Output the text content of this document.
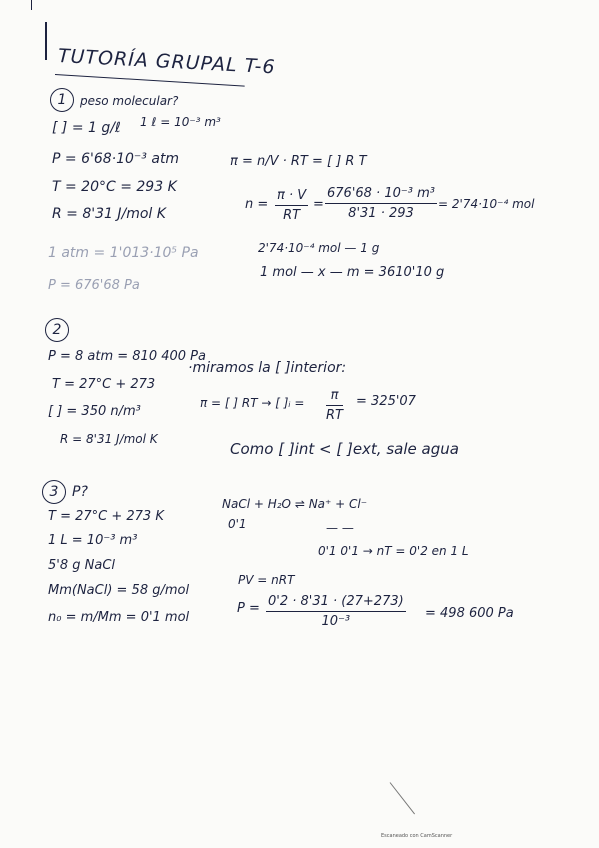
TUTORÍA GRUPAL T-6
1	peso molecular?
[ ] = 1 g/ℓ 1 ℓ = 10⁻³ m³
P = 6'68·10⁻³ atm
T = 20°C = 293 K
R = 8'31 J/mol K
1 atm = 1'013·10⁵ Pa
P = 676'68 Pa
π = n/V · RT = [ ] R T
n =
π · V
RT
=
676'68 · 10⁻³ m³
8'31 · 293
= 2'74·10⁻⁴ mol
2'74·10⁻⁴ mol — 1 g
1 mol — x — m = 3610'10 g
2
P = 8 atm = 810 400 Pa
T = 27°C + 273
[ ] = 350 n/m³
R = 8'31 J/mol K
·miramos la [ ]interior:
π = [ ] RT → [ ]ᵢ = π
RT
= 325'07
Como [ ]int < [ ]ext, sale agua
3 P?
T = 27°C + 273 K
1 L = 10⁻³ m³
5'8 g NaCl
Mm(NaCl) = 58 g/mol
n₀ = m/Mm = 0'1 mol
NaCl + H₂O ⇌ Na⁺ + Cl⁻
0'1	— —
0'1 0'1 → nT = 0'2 en 1 L
PV = nRT
P = 0'2 · 8'31 · (27+273)
10⁻³
= 498 600 Pa
Escaneado con CamScanner
